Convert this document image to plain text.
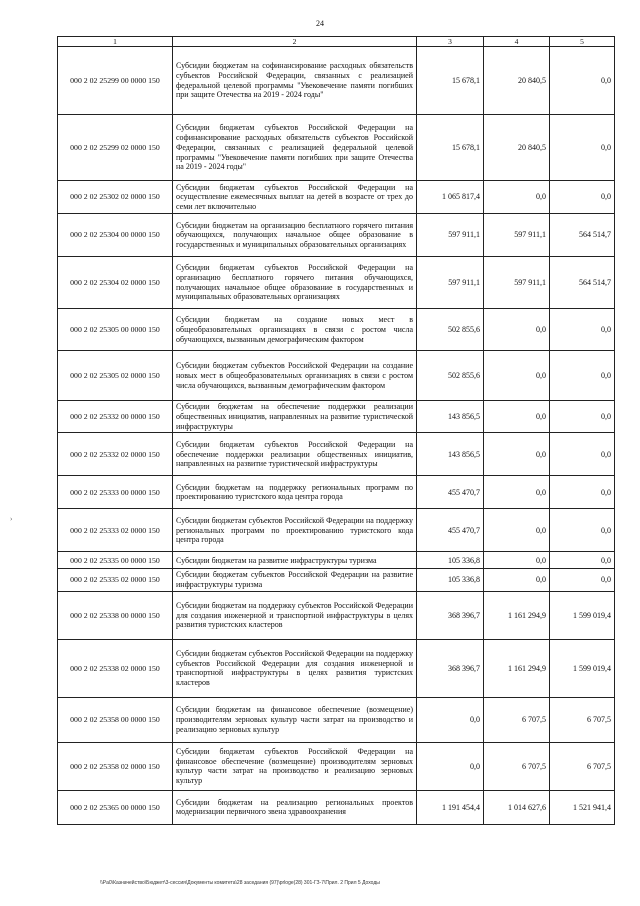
24
1	2	3	4	5
000 2 02 25299 00 0000 150	Субсидии бюджетам на софинансирование расходных обязательств субъектов Российской Федерации, связанных с реализацией федеральной целевой программы "Увековечение памяти погибших при защите Отечества на 2019 - 2024 годы"	15 678,1	20 840,5	0,0
000 2 02 25299 02 0000 150	Субсидии бюджетам субъектов Российской Федерации на софинансирование расходных обязательств субъектов Российской Федерации, связанных с реализацией федеральной целевой программы "Увековечение памяти погибших при защите Отечества на 2019 - 2024 годы"	15 678,1	20 840,5	0,0
000 2 02 25302 02 0000 150	Субсидии бюджетам субъектов Российской Федерации на осуществление ежемесячных выплат на детей в возрасте от трех до семи лет включительно	1 065 817,4	0,0	0,0
000 2 02 25304 00 0000 150	Субсидии бюджетам на организацию бесплатного горячего питания обучающихся, получающих начальное общее образование в государственных и муниципальных образовательных организациях	597 911,1	597 911,1	564 514,7
000 2 02 25304 02 0000 150	Субсидии бюджетам субъектов Российской Федерации на организацию бесплатного горячего питания обучающихся, получающих начальное общее образование в государственных и муниципальных образовательных организациях	597 911,1	597 911,1	564 514,7
000 2 02 25305 00 0000 150	Субсидии бюджетам на создание новых мест в общеобразовательных организациях в связи с ростом числа обучающихся, вызванным демографическим фактором	502 855,6	0,0	0,0
000 2 02 25305 02 0000 150	Субсидии бюджетам субъектов Российской Федерации на создание новых мест в общеобразовательных организациях в связи с ростом числа обучающихся, вызванным демографическим фактором	502 855,6	0,0	0,0
000 2 02 25332 00 0000 150	Субсидии бюджетам на обеспечение поддержки реализации общественных инициатив, направленных на развитие туристической инфраструктуры	143 856,5	0,0	0,0
000 2 02 25332 02 0000 150	Субсидии бюджетам субъектов Российской Федерации на обеспечение поддержки реализации общественных инициатив, направленных на развитие туристической инфраструктуры	143 856,5	0,0	0,0
000 2 02 25333 00 0000 150	Субсидии бюджетам на поддержку региональных программ по проектированию туристского кода центра города	455 470,7	0,0	0,0
000 2 02 25333 02 0000 150	Субсидии бюджетам субъектов Российской Федерации на поддержку региональных программ по проектированию туристского кода центра города	455 470,7	0,0	0,0
000 2 02 25335 00 0000 150	Субсидии бюджетам на развитие инфраструктуры туризма	105 336,8	0,0	0,0
000 2 02 25335 02 0000 150	Субсидии бюджетам субъектов Российской Федерации на развитие инфраструктуры туризма	105 336,8	0,0	0,0
000 2 02 25338 00 0000 150	Субсидии бюджетам на поддержку субъектов Российской Федерации для создания инженерной и транспортной инфраструктуры в целях развития туристских кластеров	368 396,7	1 161 294,9	1 599 019,4
000 2 02 25338 02 0000 150	Субсидии бюджетам субъектов Российской Федерации на поддержку субъектов Российской Федерации для создания инженерной и транспортной инфраструктуры в целях развития туристских кластеров	368 396,7	1 161 294,9	1 599 019,4
000 2 02 25358 00 0000 150	Субсидии бюджетам на финансовое обеспечение (возмещение) производителям зерновых культур части затрат на производство и реализацию зерновых культур	0,0	6 707,5	6 707,5
000 2 02 25358 02 0000 150	Субсидии бюджетам субъектов Российской Федерации на финансовое обеспечение (возмещение) производителям зерновых культур части затрат на производство и реализацию зерновых культур	0,0	6 707,5	6 707,5
000 2 02 25365 00 0000 150	Субсидии бюджетам на реализацию региональных проектов модернизации первичного звена здравоохранения	1 191 454,4	1 014 627,6	1 521 941,4
›
\\Pa0\Казначейство\Бюджет\3-сессия\Документы комитета\28 заседания (97)\prloge(28) 301-ГЗ-7\Прил. 2 Прил 5 Доходы
